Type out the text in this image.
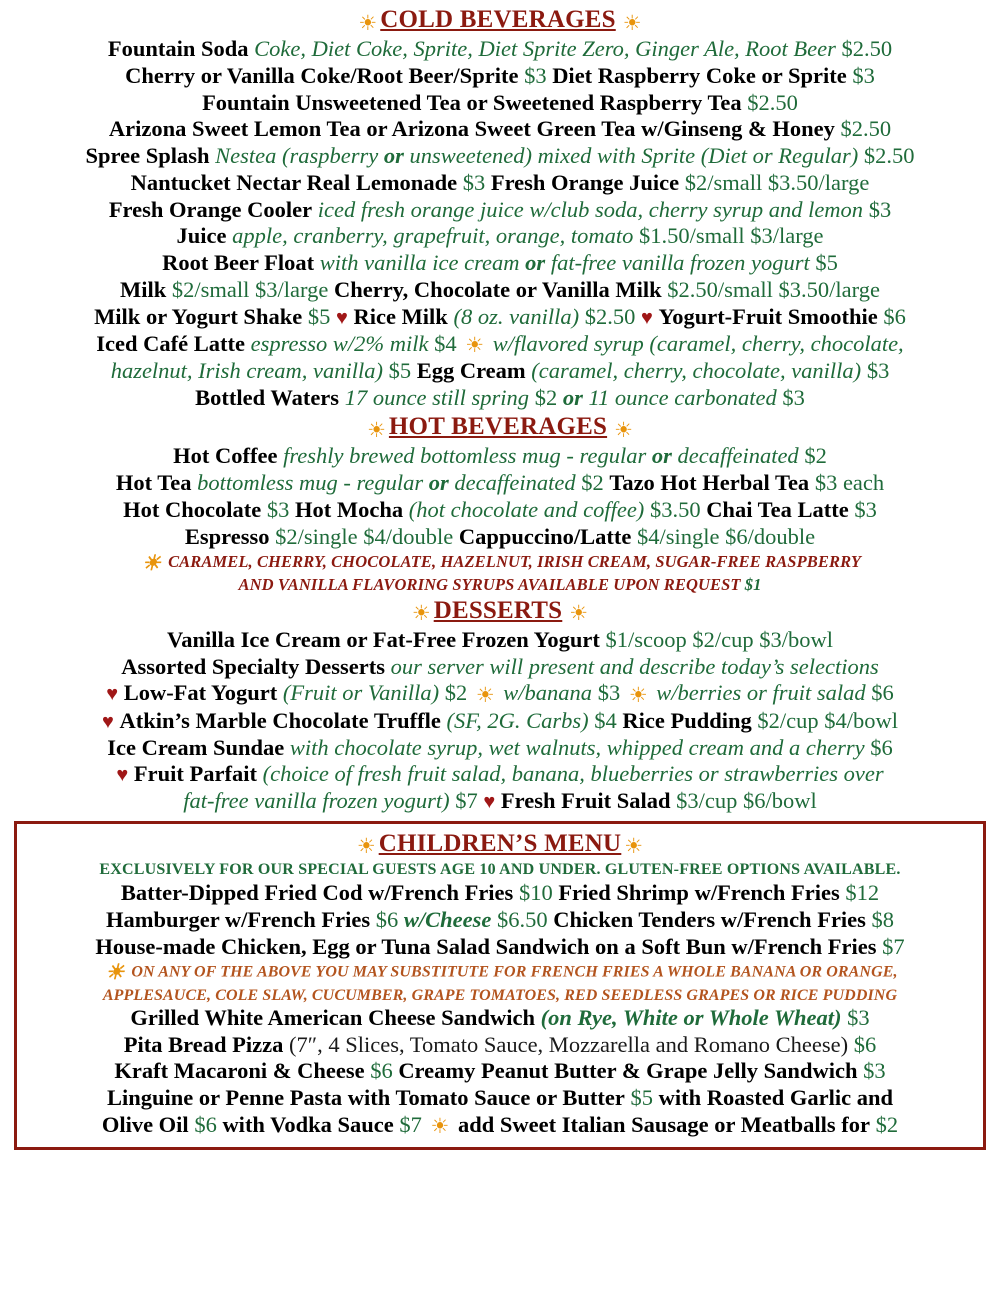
☀ COLD BEVERAGES ☀
Fountain Soda Coke, Diet Coke, Sprite, Diet Sprite Zero, Ginger Ale, Root Beer $2.50
Cherry or Vanilla Coke/Root Beer/Sprite $3 Diet Raspberry Coke or Sprite $3
Fountain Unsweetened Tea or Sweetened Raspberry Tea $2.50
Arizona Sweet Lemon Tea or Arizona Sweet Green Tea w/Ginseng & Honey $2.50
Spree Splash Nestea (raspberry or unsweetened) mixed with Sprite (Diet or Regular) $2.50
Nantucket Nectar Real Lemonade $3 Fresh Orange Juice $2/small $3.50/large
Fresh Orange Cooler iced fresh orange juice w/club soda, cherry syrup and lemon $3
Juice apple, cranberry, grapefruit, orange, tomato $1.50/small $3/large
Root Beer Float with vanilla ice cream or fat-free vanilla frozen yogurt $5
Milk $2/small $3/large Cherry, Chocolate or Vanilla Milk $2.50/small $3.50/large
Milk or Yogurt Shake $5 ♥ Rice Milk (8 oz. vanilla) $2.50 ♥ Yogurt-Fruit Smoothie $6
Iced Café Latte espresso w/2% milk $4 ☀ w/flavored syrup (caramel, cherry, chocolate,
hazelnut, Irish cream, vanilla) $5 Egg Cream (caramel, cherry, chocolate, vanilla) $3
Bottled Waters 17 ounce still spring $2 or 11 ounce carbonated $3
☀ HOT BEVERAGES ☀
Hot Coffee freshly brewed bottomless mug - regular or decaffeinated $2
Hot Tea bottomless mug - regular or decaffeinated $2 Tazo Hot Herbal Tea $3 each
Hot Chocolate $3 Hot Mocha (hot chocolate and coffee) $3.50 Chai Tea Latte $3
Espresso $2/single $4/double Cappuccino/Latte $4/single $6/double
☀ CARAMEL, CHERRY, CHOCOLATE, HAZELNUT, IRISH CREAM, SUGAR-FREE RASPBERRY
AND VANILLA FLAVORING SYRUPS AVAILABLE UPON REQUEST $1
☀ DESSERTS ☀
Vanilla Ice Cream or Fat-Free Frozen Yogurt $1/scoop $2/cup $3/bowl
Assorted Specialty Desserts our server will present and describe today’s selections
♥ Low-Fat Yogurt (Fruit or Vanilla) $2 ☀ w/banana $3 ☀ w/berries or fruit salad $6
♥ Atkin’s Marble Chocolate Truffle (SF, 2G. Carbs) $4 Rice Pudding $2/cup $4/bowl
Ice Cream Sundae with chocolate syrup, wet walnuts, whipped cream and a cherry $6
♥ Fruit Parfait (choice of fresh fruit salad, banana, blueberries or strawberries over
fat-free vanilla frozen yogurt) $7 ♥ Fresh Fruit Salad $3/cup $6/bowl
☀ CHILDREN’S MENU ☀
EXCLUSIVELY FOR OUR SPECIAL GUESTS AGE 10 AND UNDER. GLUTEN-FREE OPTIONS AVAILABLE.
Batter-Dipped Fried Cod w/French Fries $10 Fried Shrimp w/French Fries $12
Hamburger w/French Fries $6 w/Cheese $6.50 Chicken Tenders w/French Fries $8
House-made Chicken, Egg or Tuna Salad Sandwich on a Soft Bun w/French Fries $7
☀ ON ANY OF THE ABOVE YOU MAY SUBSTITUTE FOR FRENCH FRIES A WHOLE BANANA OR ORANGE,
APPLESAUCE, COLE SLAW, CUCUMBER, GRAPE TOMATOES, RED SEEDLESS GRAPES OR RICE PUDDING
Grilled White American Cheese Sandwich (on Rye, White or Whole Wheat) $3
Pita Bread Pizza (7″, 4 Slices, Tomato Sauce, Mozzarella and Romano Cheese) $6
Kraft Macaroni & Cheese $6 Creamy Peanut Butter & Grape Jelly Sandwich $3
Linguine or Penne Pasta with Tomato Sauce or Butter $5 with Roasted Garlic and
Olive Oil $6 with Vodka Sauce $7 ☀ add Sweet Italian Sausage or Meatballs for $2
